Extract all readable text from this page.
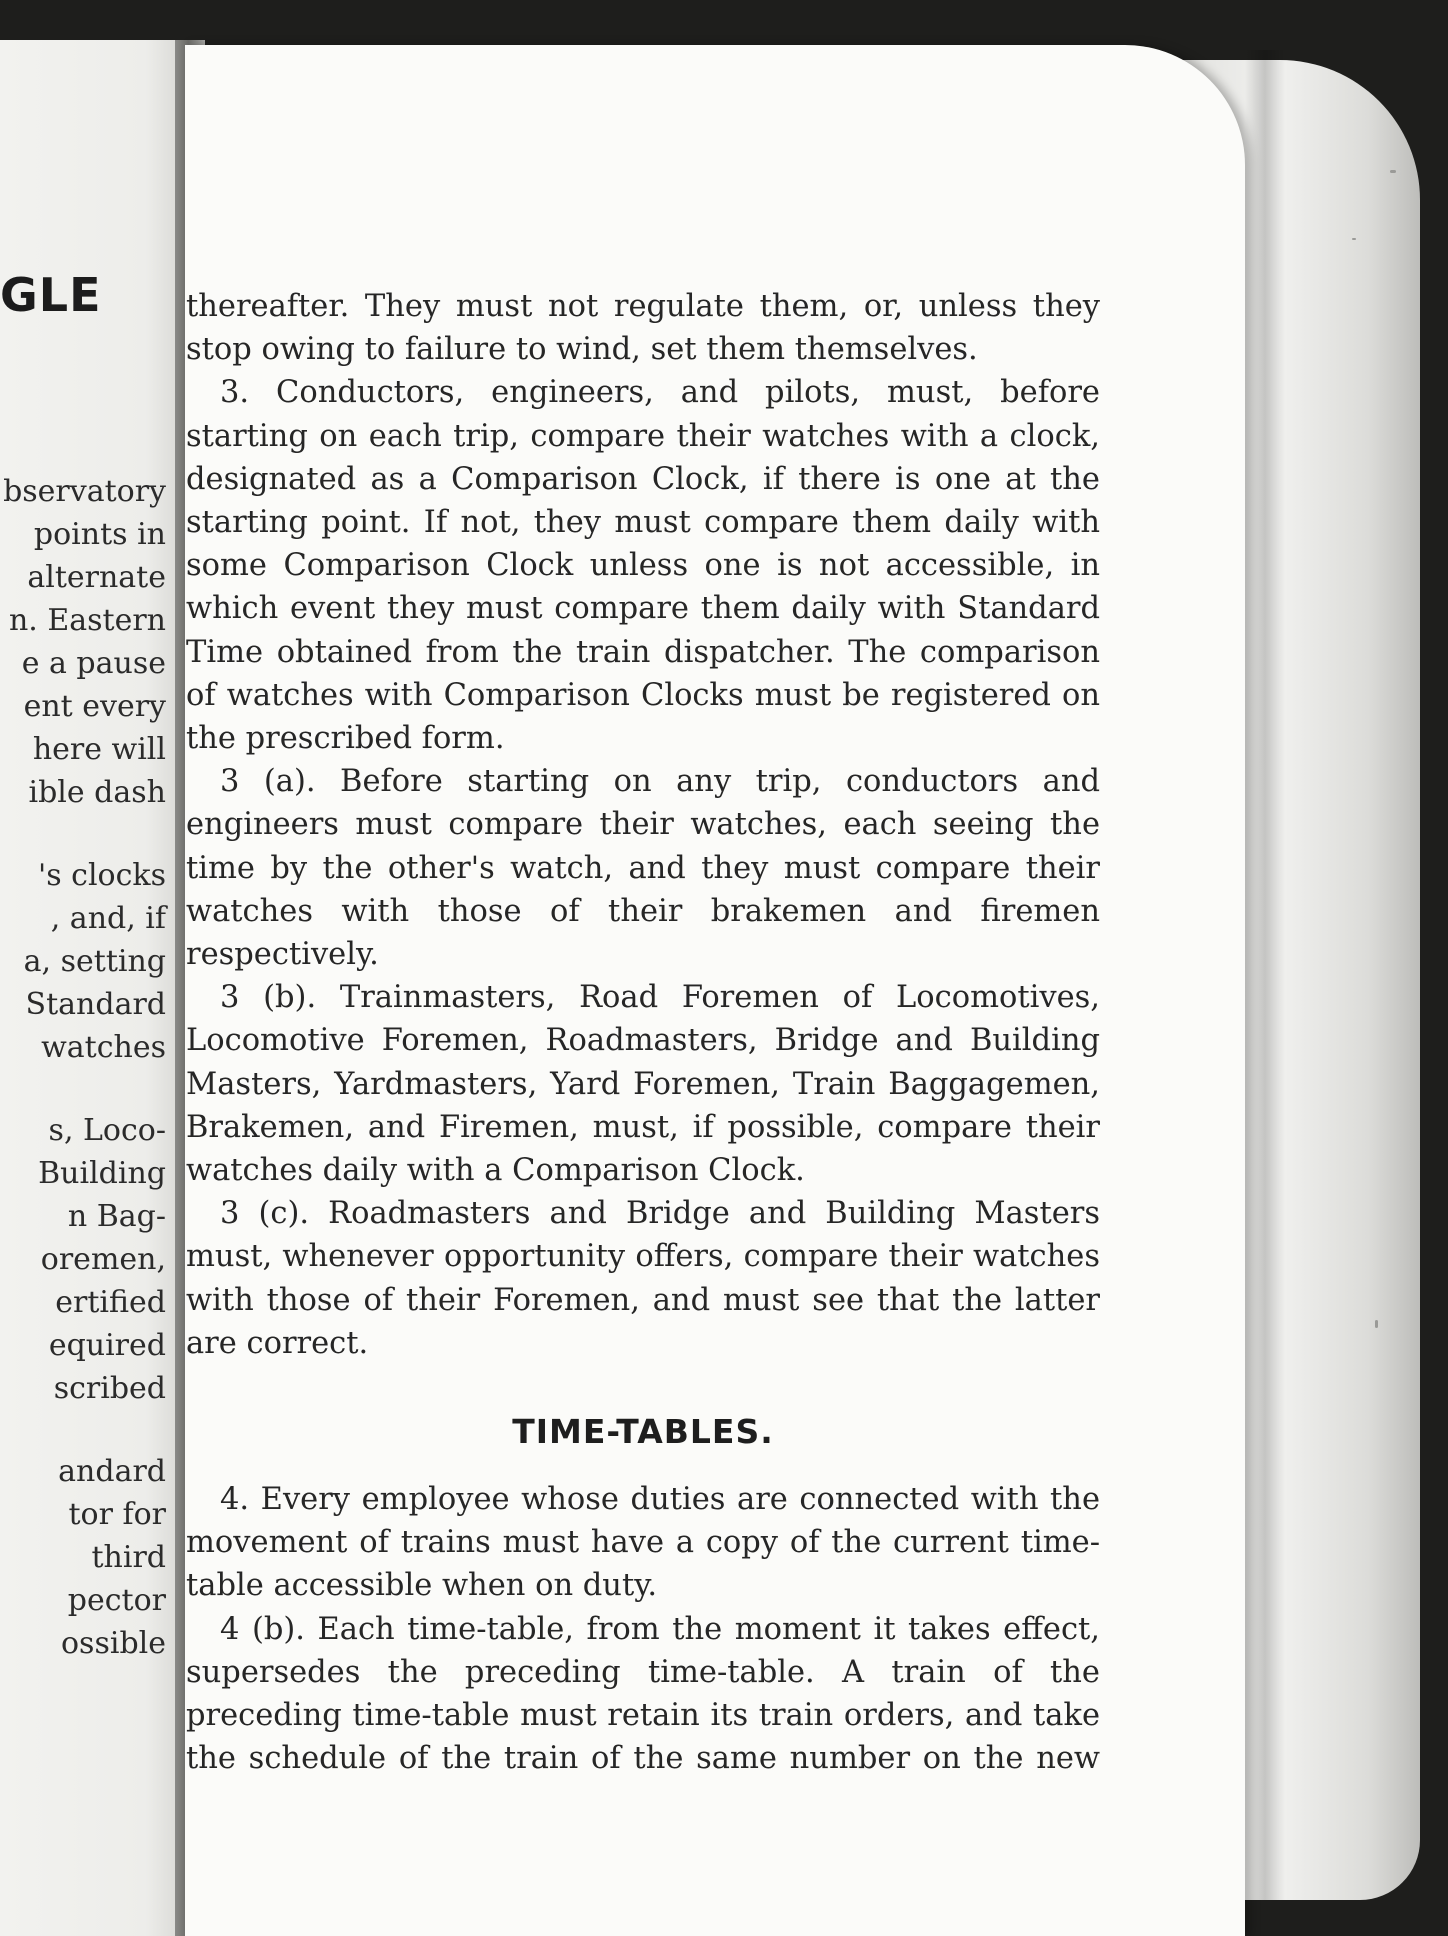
GLE
bservatory
points in
alternate
n. Eastern
e a pause
ent every
here will
ible dash
's clocks
, and, if
a, setting
Standard
watches
s, Loco-
Building
n Bag-
oremen,
ertified
equired
scribed
andard
tor for
third
pector
ossible

thereafter. They must not regulate them, or, unless they stop owing to failure to wind, set them themselves.

3. Conductors, engineers, and pilots, must, before starting on each trip, compare their watches with a clock, designated as a Comparison Clock, if there is one at the starting point. If not, they must compare them daily with some Comparison Clock unless one is not accessible, in which event they must compare them daily with Standard Time obtained from the train dispatcher. The comparison of watches with Comparison Clocks must be registered on the prescribed form.

3 (a). Before starting on any trip, conductors and engineers must compare their watches, each seeing the time by the other's watch, and they must compare their watches with those of their brakemen and firemen respectively.

3 (b). Trainmasters, Road Foremen of Locomotives, Locomotive Foremen, Roadmasters, Bridge and Building Masters, Yardmasters, Yard Foremen, Train Baggagemen, Brakemen, and Firemen, must, if possible, compare their watches daily with a Comparison Clock.

3 (c). Roadmasters and Bridge and Building Masters must, whenever opportunity offers, compare their watches with those of their Foremen, and must see that the latter are correct.

TIME-TABLES.

4. Every employee whose duties are connected with the movement of trains must have a copy of the current time-table accessible when on duty.

4 (b). Each time-table, from the moment it takes effect, supersedes the preceding time-table. A train of the preceding time-table must retain its train orders, and take the schedule of the train of the same number on the new
